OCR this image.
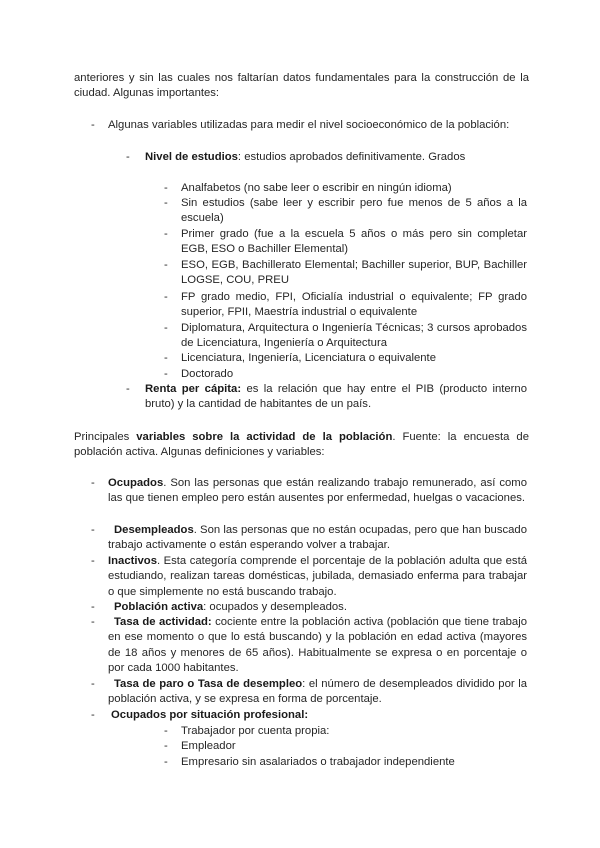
anteriores y sin las cuales nos faltarían datos fundamentales para la construcción de la ciudad. Algunas importantes:
- Algunas variables utilizadas para medir el nivel socioeconómico de la población:
- Nivel de estudios: estudios aprobados definitivamente. Grados
- Analfabetos (no sabe leer o escribir en ningún idioma)
- Sin estudios (sabe leer y escribir pero fue menos de 5 años a la escuela)
- Primer grado (fue a la escuela 5 años o más pero sin completar EGB, ESO o Bachiller Elemental)
- ESO, EGB, Bachillerato Elemental; Bachiller superior, BUP, Bachiller LOGSE, COU, PREU
- FP grado medio, FPI, Oficialía industrial o equivalente; FP grado superior, FPII, Maestría industrial o equivalente
- Diplomatura, Arquitectura o Ingeniería Técnicas; 3 cursos aprobados de Licenciatura, Ingeniería o Arquitectura
- Licenciatura, Ingeniería, Licenciatura o equivalente
- Doctorado
- Renta per cápita: es la relación que hay entre el PIB (producto interno bruto) y la cantidad de habitantes de un país.
Principales variables sobre la actividad de la población. Fuente: la encuesta de población activa. Algunas definiciones y variables:
- Ocupados. Son las personas que están realizando trabajo remunerado, así como las que tienen empleo pero están ausentes por enfermedad, huelgas o vacaciones.
- Desempleados. Son las personas que no están ocupadas, pero que han buscado trabajo activamente o están esperando volver a trabajar.
- Inactivos. Esta categoría comprende el porcentaje de la población adulta que está estudiando, realizan tareas domésticas, jubilada, demasiado enferma para trabajar o que simplemente no está buscando trabajo.
- Población activa: ocupados y desempleados.
- Tasa de actividad: cociente entre la población activa (población que tiene trabajo en ese momento o que lo está buscando) y la población en edad activa (mayores de 18 años y menores de 65 años). Habitualmente se expresa o en porcentaje o por cada 1000 habitantes.
- Tasa de paro o Tasa de desempleo: el número de desempleados dividido por la población activa, y se expresa en forma de porcentaje.
- Ocupados por situación profesional:
- Trabajador por cuenta propia:
- Empleador
- Empresario sin asalariados o trabajador independiente
